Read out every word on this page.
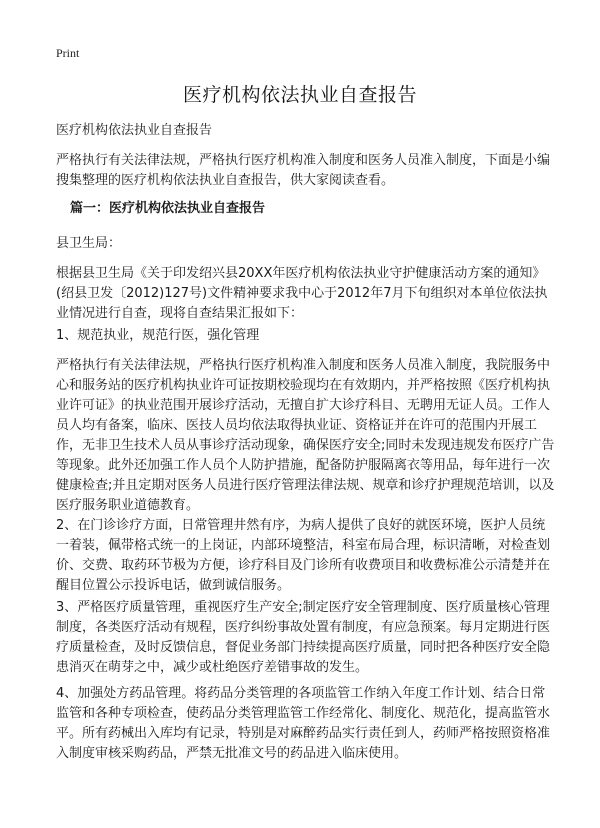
Print
医疗机构依法执业自查报告
医疗机构依法执业自查报告
严格执行有关法律法规，严格执行医疗机构准入制度和医务人员准入制度，下面是小编搜集整理的医疗机构依法执业自查报告，供大家阅读查看。
篇一：医疗机构依法执业自查报告
县卫生局：
根据县卫生局《关于印发绍兴县20XX年医疗机构依法执业守护健康活动方案的通知》(绍县卫发〔2012)127号)文件精神要求我中心于2012年7月下旬组织对本单位依法执业情况进行自查，现将自查结果汇报如下：
1、规范执业，规范行医，强化管理
严格执行有关法律法规，严格执行医疗机构准入制度和医务人员准入制度，我院服务中心和服务站的医疗机构执业许可证按期校验现均在有效期内，并严格按照《医疗机构执业许可证》的执业范围开展诊疗活动，无擅自扩大诊疗科目、无聘用无证人员。工作人员人均有备案，临床、医技人员均依法取得执业证、资格证并在许可的范围内开展工作，无非卫生技术人员从事诊疗活动现象，确保医疗安全;同时未发现违规发布医疗广告等现象。此外还加强工作人员个人防护措施，配备防护服隔离衣等用品，每年进行一次健康检查;并且定期对医务人员进行医疗管理法律法规、规章和诊疗护理规范培训，以及医疗服务职业道德教育。
2、在门诊诊疗方面，日常管理井然有序，为病人提供了良好的就医环境，医护人员统一着装，佩带格式统一的上岗证，内部环境整洁，科室布局合理，标识清晰，对检查划价、交费、取药环节极为方便，诊疗科目及门诊所有收费项目和收费标准公示清楚并在醒目位置公示投诉电话，做到诚信服务。
3、严格医疗质量管理，重视医疗生产安全;制定医疗安全管理制度、医疗质量核心管理制度，各类医疗活动有规程，医疗纠纷事故处置有制度，有应急预案。每月定期进行医疗质量检查，及时反馈信息，督促业务部门持续提高医疗质量，同时把各种医疗安全隐患消灭在萌芽之中，减少或杜绝医疗差错事故的发生。
4、加强处方药品管理。将药品分类管理的各项监管工作纳入年度工作计划、结合日常监管和各种专项检查，使药品分类管理监管工作经常化、制度化、规范化，提高监管水平。所有药械出入库均有记录，特别是对麻醉药品实行责任到人，药师严格按照资格准入制度审核采购药品，严禁无批准文号的药品进入临床使用。
